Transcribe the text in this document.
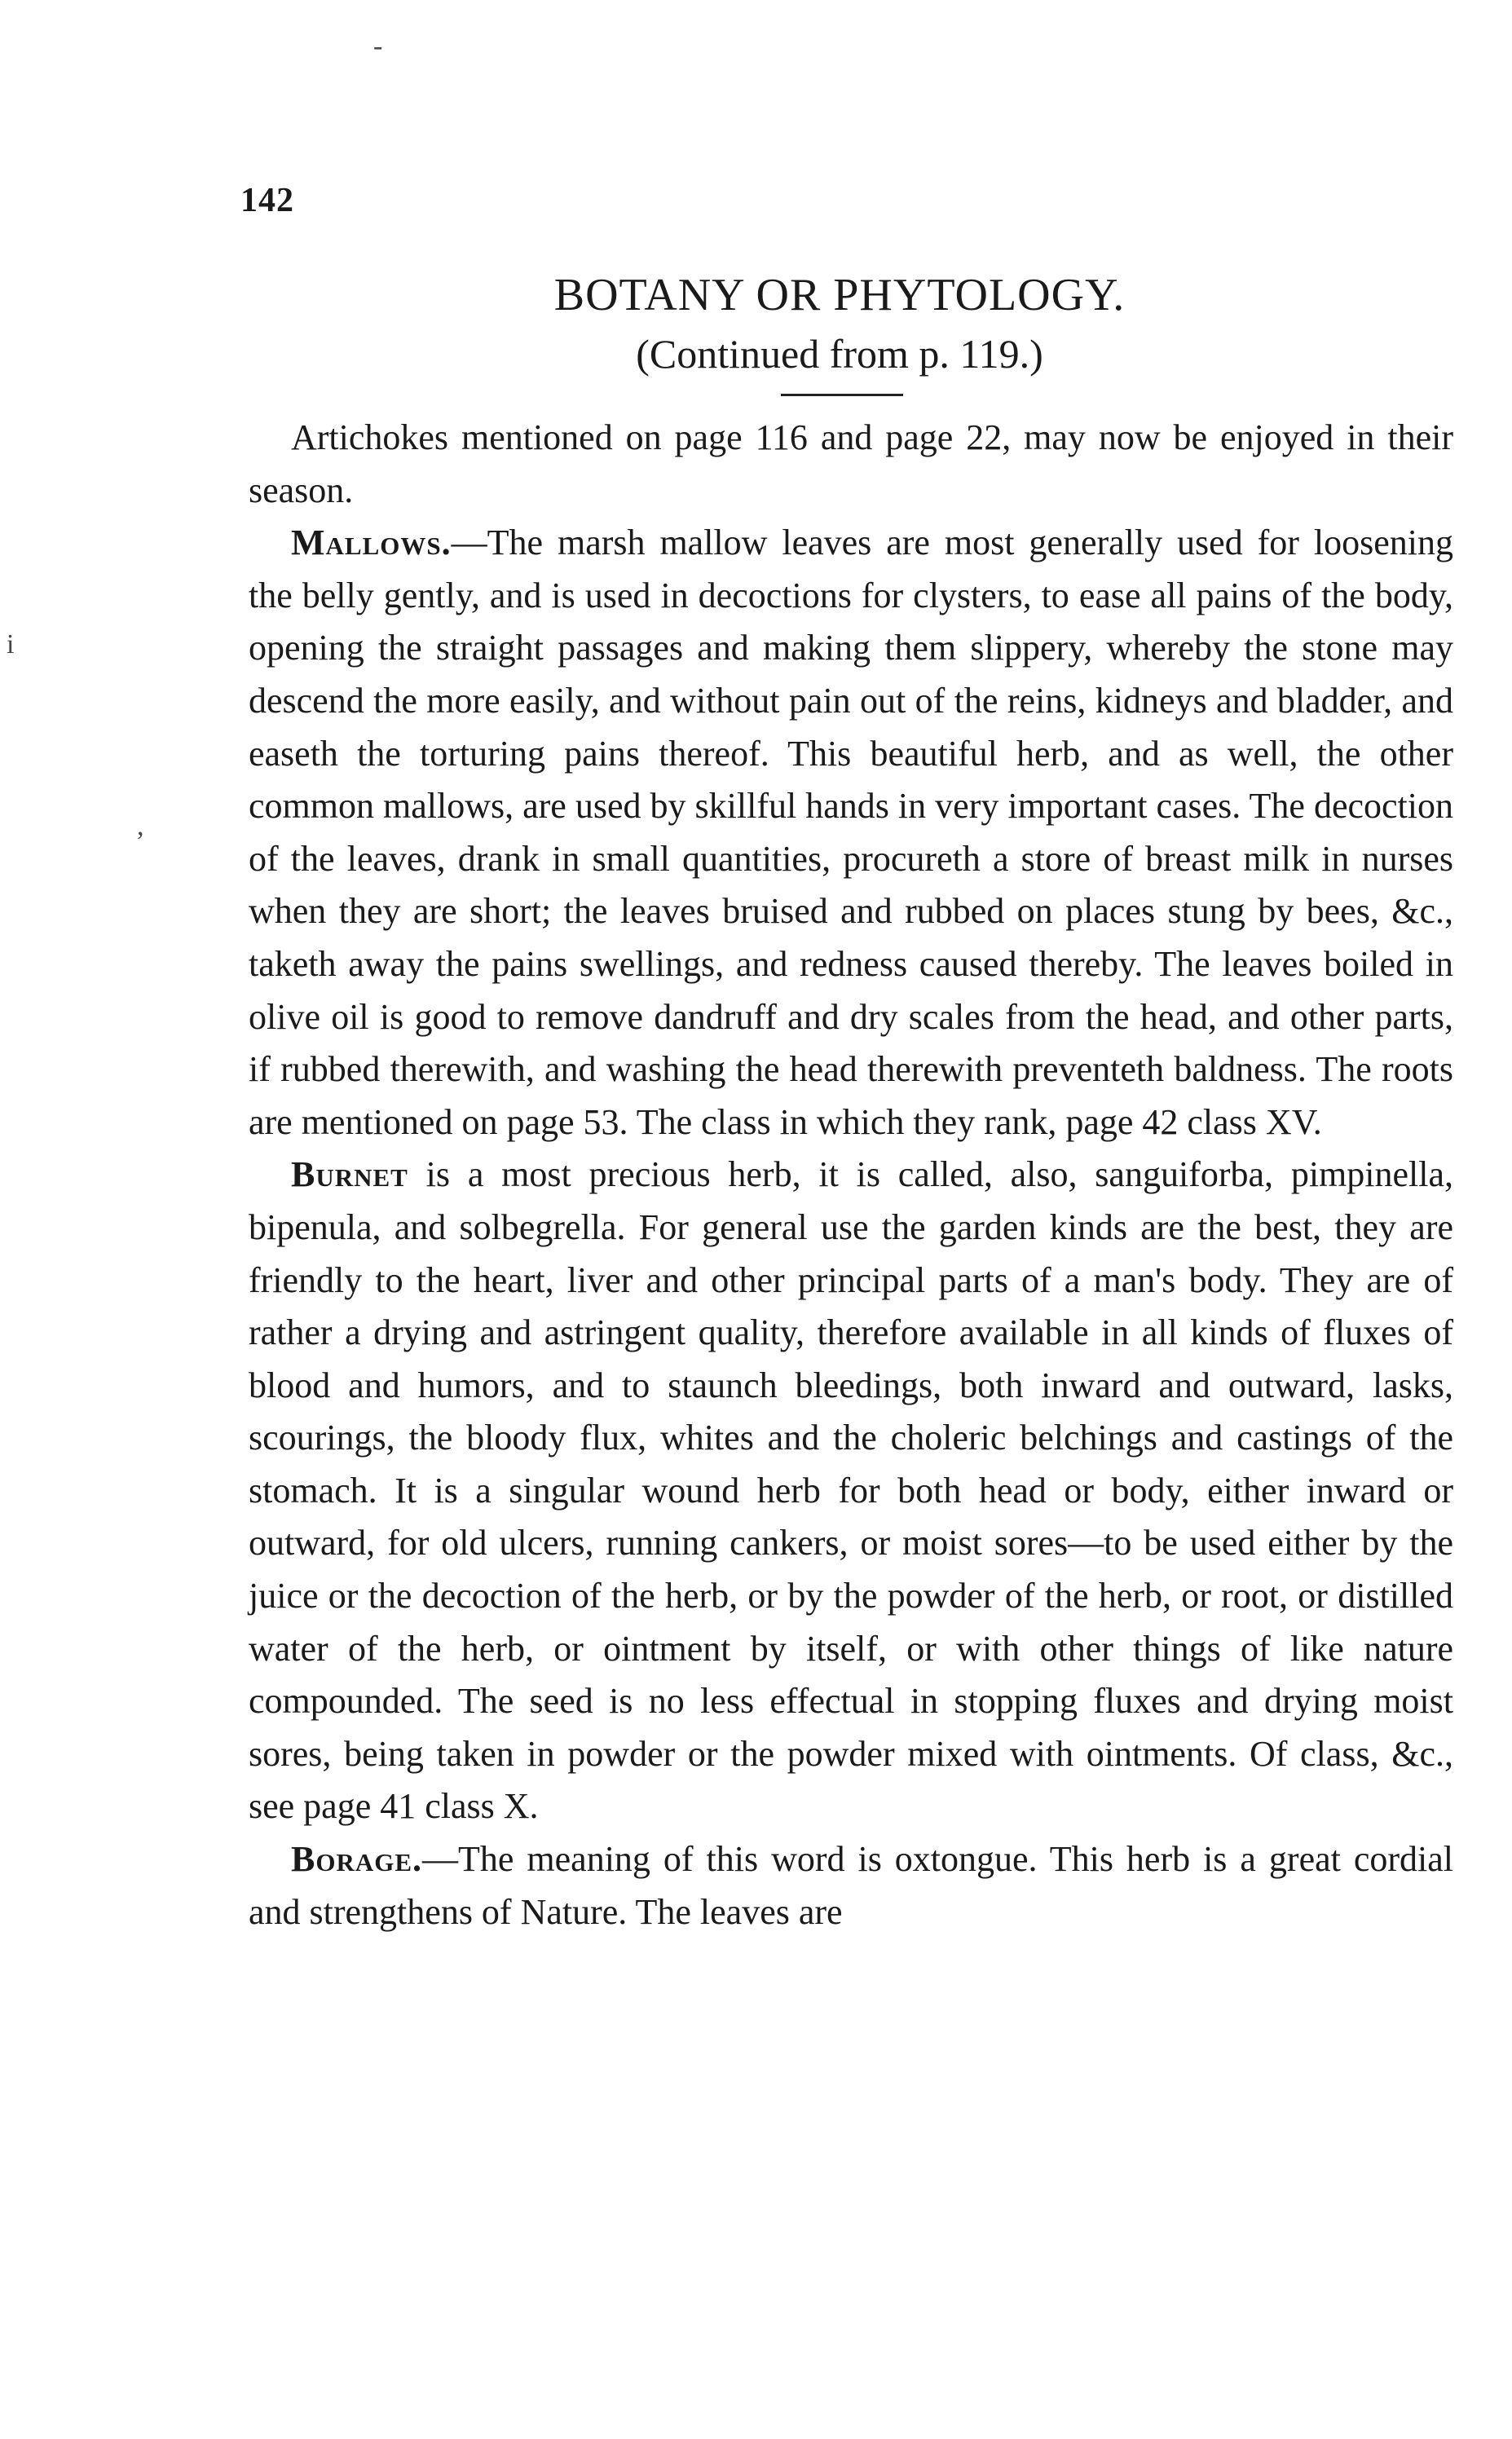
-
i
,
142
BOTANY OR PHYTOLOGY.
(Continued from p. 119.)

Artichokes mentioned on page 116 and page 22, may now be enjoyed in their season.

Mallows.—The marsh mallow leaves are most generally used for loosening the belly gently, and is used in decoctions for clysters, to ease all pains of the body, opening the straight passages and making them slippery, whereby the stone may descend the more easily, and without pain out of the reins, kidneys and bladder, and easeth the torturing pains thereof. This beautiful herb, and as well, the other common mallows, are used by skillful hands in very important cases. The decoction of the leaves, drank in small quantities, procureth a store of breast milk in nurses when they are short; the leaves bruised and rubbed on places stung by bees, &c., taketh away the pains swellings, and redness caused thereby. The leaves boiled in olive oil is good to remove dandruff and dry scales from the head, and other parts, if rubbed therewith, and washing the head therewith preventeth baldness. The roots are mentioned on page 53. The class in which they rank, page 42 class XV.

Burnet is a most precious herb, it is called, also, sanguiforba, pimpinella, bipenula, and solbegrella. For general use the garden kinds are the best, they are friendly to the heart, liver and other principal parts of a man's body. They are of rather a drying and astringent quality, therefore available in all kinds of fluxes of blood and humors, and to staunch bleedings, both inward and outward, lasks, scourings, the bloody flux, whites and the choleric belchings and castings of the stomach. It is a singular wound herb for both head or body, either inward or outward, for old ulcers, running cankers, or moist sores—to be used either by the juice or the decoction of the herb, or by the powder of the herb, or root, or distilled water of the herb, or ointment by itself, or with other things of like nature compounded. The seed is no less effectual in stopping fluxes and drying moist sores, being taken in powder or the powder mixed with ointments. Of class, &c., see page 41 class X.

Borage.—The meaning of this word is oxtongue. This herb is a great cordial and strengthens of Nature. The leaves are
